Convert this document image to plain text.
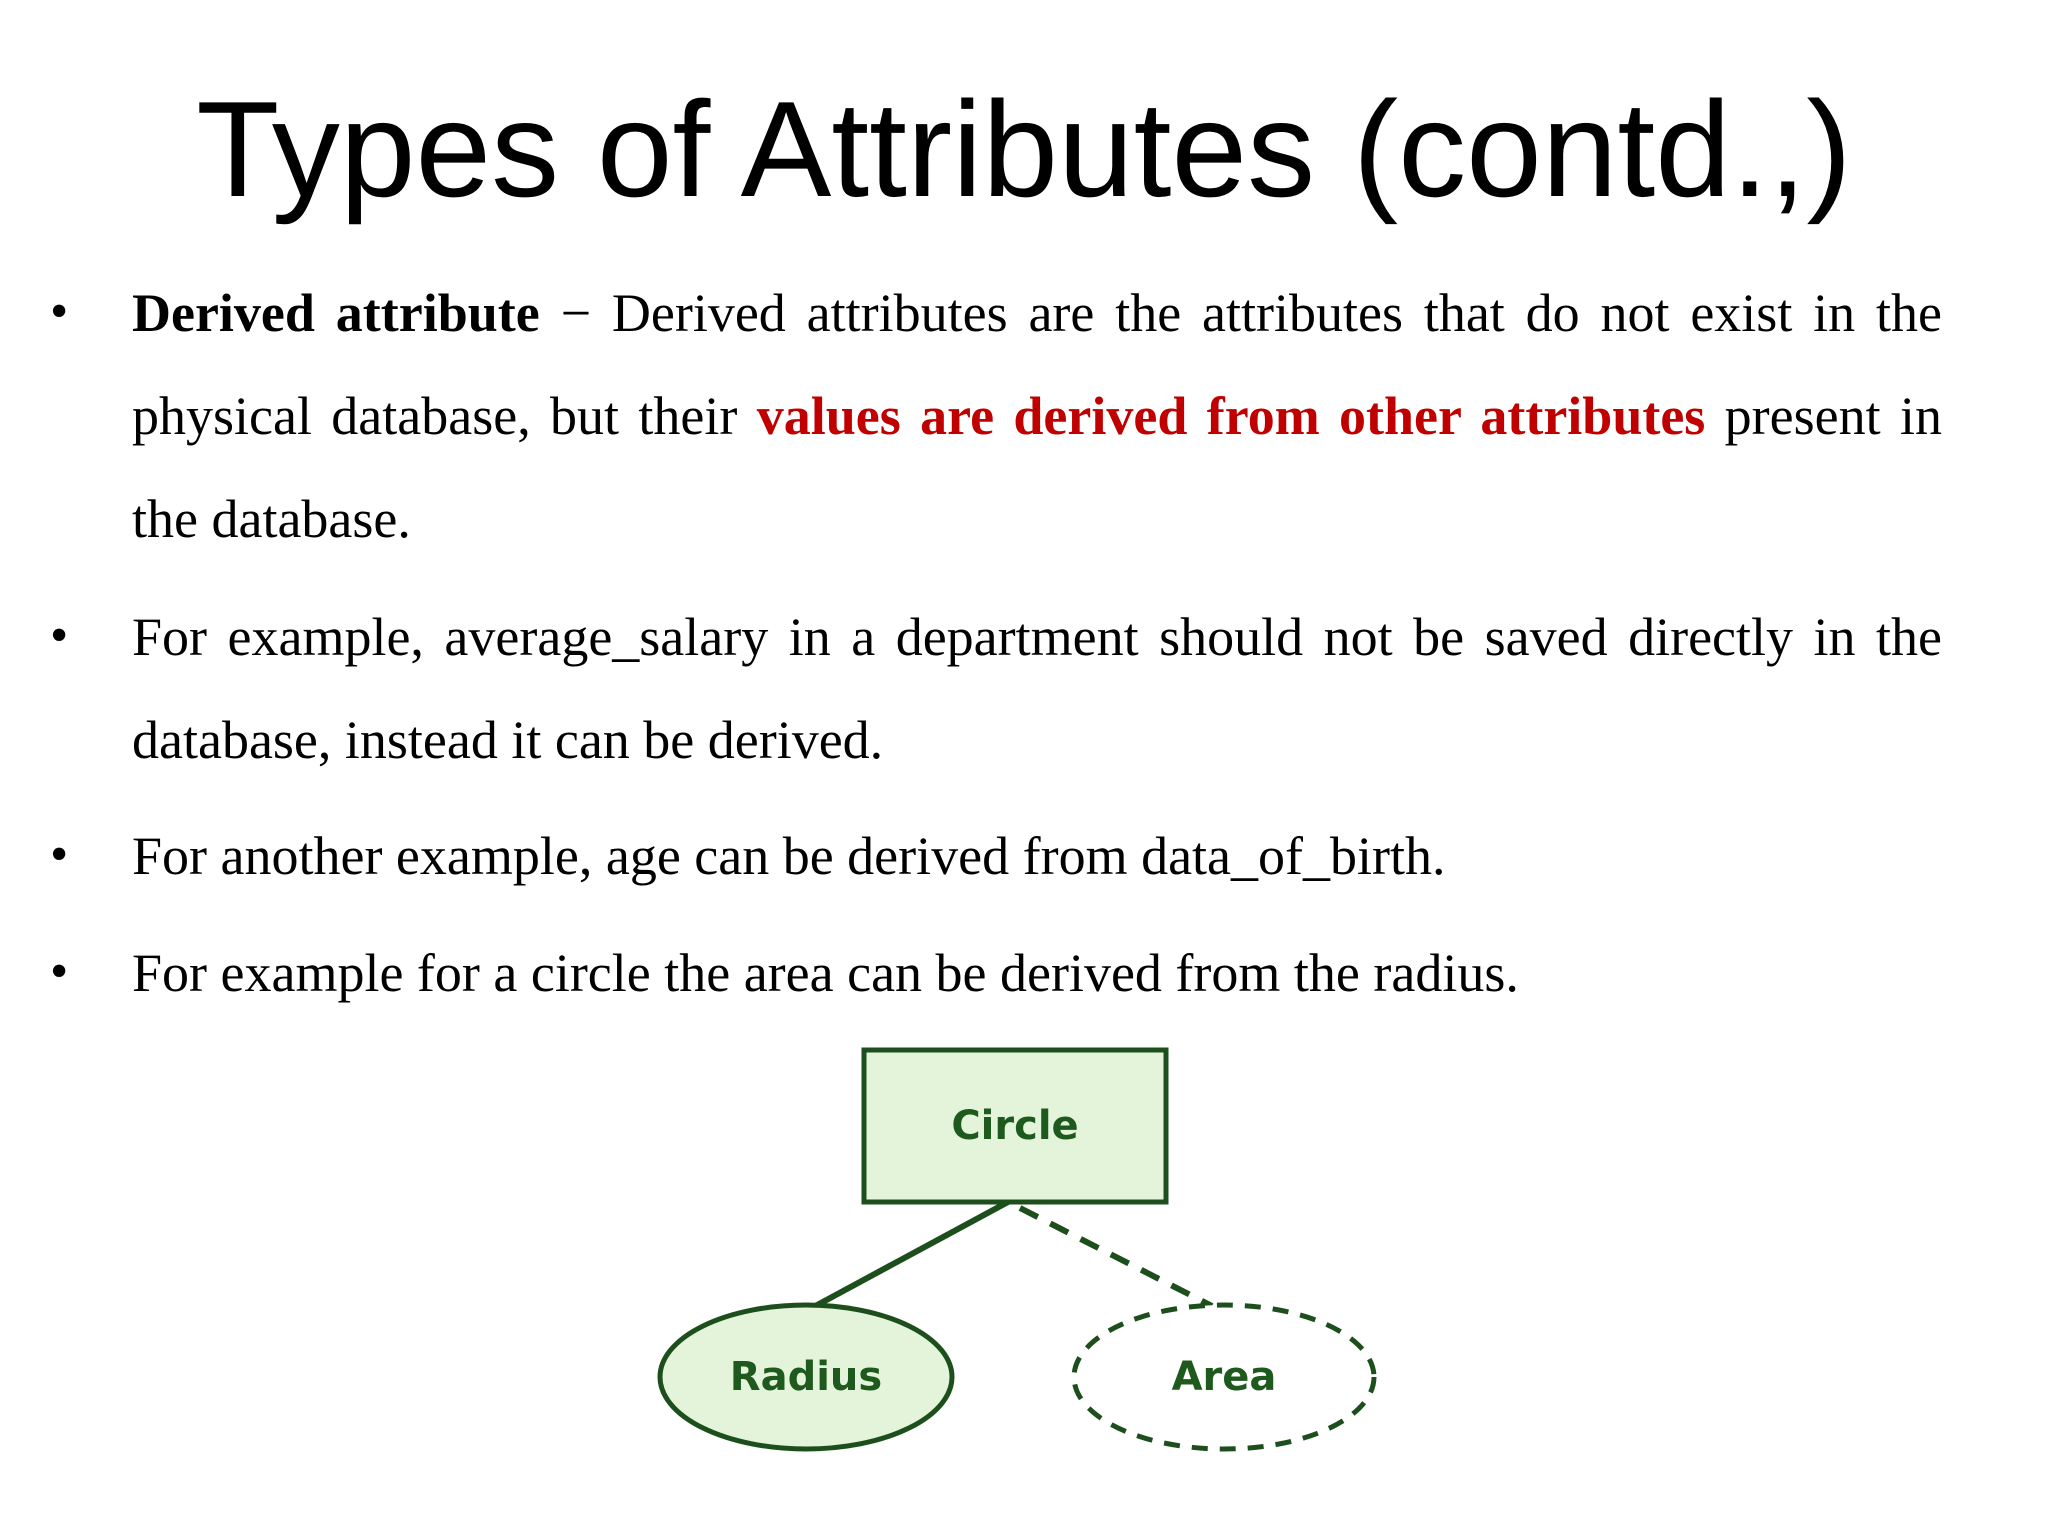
Types of Attributes (contd.,)
• Derived attribute − Derived attributes are the attributes that do not exist in the physical database, but their values are derived from other attributes present in the database.

• For example, average_salary in a department should not be saved directly in the database, instead it can be derived.

• For another example, age can be derived from data_of_birth.

• For example for a circle the area can be derived from the radius.

Circle
Radius	Area
